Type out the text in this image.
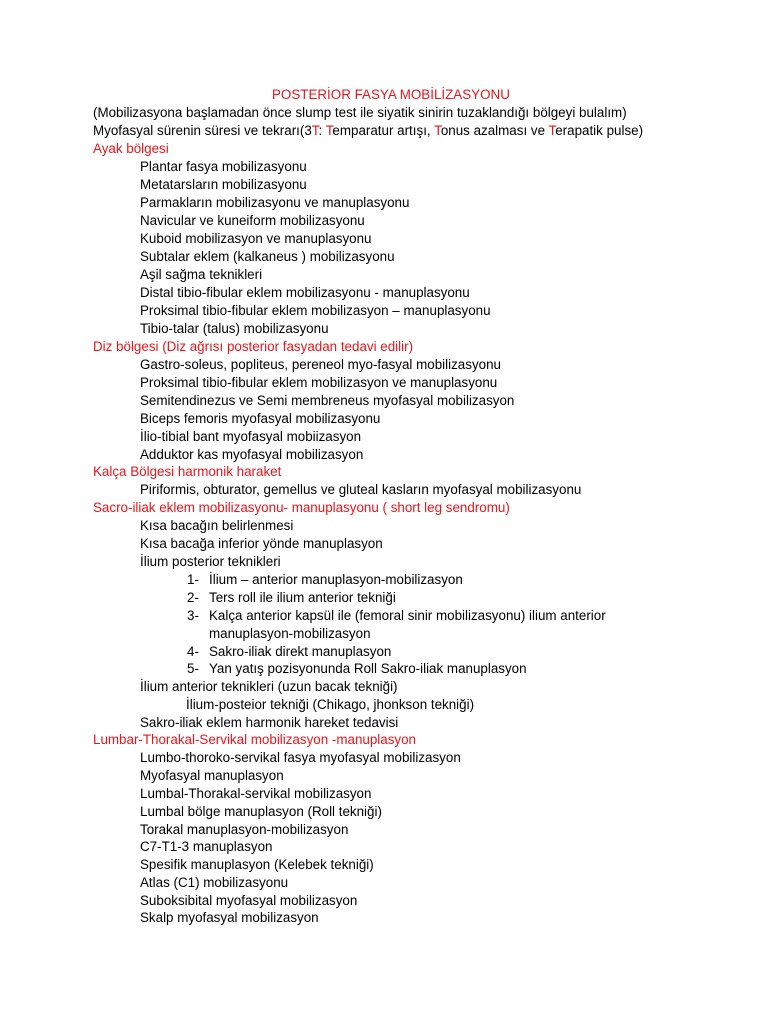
POSTERİOR FASYA MOBİLİZASYONU
(Mobilizasyona başlamadan önce slump test ile siyatik sinirin tuzaklandığı bölgeyi bulalım)
Myofasyal sürenin süresi ve tekrarı(3T: Temparatur artışı, Tonus azalması ve Terapatik pulse)
Ayak bölgesi
Plantar fasya mobilizasyonu
Metatarsların mobilizasyonu
Parmakların mobilizasyonu ve manuplasyonu
Navicular ve kuneiform mobilizasyonu
Kuboid mobilizasyon ve manuplasyonu
Subtalar eklem (kalkaneus ) mobilizasyonu
Aşil sağma teknikleri
Distal tibio-fibular eklem mobilizasyonu - manuplasyonu
Proksimal tibio-fibular eklem mobilizasyon – manuplasyonu
Tibio-talar (talus) mobilizasyonu
Diz bölgesi (Diz ağrısı posterior fasyadan tedavi edilir)
Gastro-soleus, popliteus, pereneol myo-fasyal mobilizasyonu
Proksimal tibio-fibular eklem mobilizasyon ve manuplasyonu
Semitendinezus ve Semi membreneus myofasyal mobilizasyon
Biceps femoris myofasyal mobilizasyonu
İlio-tibial bant myofasyal mobiizasyon
Adduktor kas myofasyal mobilizasyon
Kalça Bölgesi harmonik haraket
Piriformis, obturator, gemellus ve gluteal kasların myofasyal mobilizasyonu
Sacro-iliak eklem mobilizasyonu- manuplasyonu ( short leg sendromu)
Kısa bacağın belirlenmesi
Kısa bacağa inferior yönde manuplasyon
İlium posterior teknikleri
1- İlium – anterior manuplasyon-mobilizasyon
2- Ters roll ile ilium anterior tekniği
3- Kalça anterior kapsül ile (femoral sinir mobilizasyonu) ilium anterior
manuplasyon-mobilizasyon
4- Sakro-iliak direkt manuplasyon
5- Yan yatış pozisyonunda Roll Sakro-iliak manuplasyon
İlium anterior teknikleri (uzun bacak tekniği)
İlium-posteior tekniği (Chikago, jhonkson tekniği)
Sakro-iliak eklem harmonik hareket tedavisi
Lumbar-Thorakal-Servikal mobilizasyon -manuplasyon
Lumbo-thoroko-servikal fasya myofasyal mobilizasyon
Myofasyal manuplasyon
Lumbal-Thorakal-servikal mobilizasyon
Lumbal bölge manuplasyon (Roll tekniği)
Torakal manuplasyon-mobilizasyon
C7-T1-3 manuplasyon
Spesifik manuplasyon (Kelebek tekniği)
Atlas (C1) mobilizasyonu
Suboksibital myofasyal mobilizasyon
Skalp myofasyal mobilizasyon
